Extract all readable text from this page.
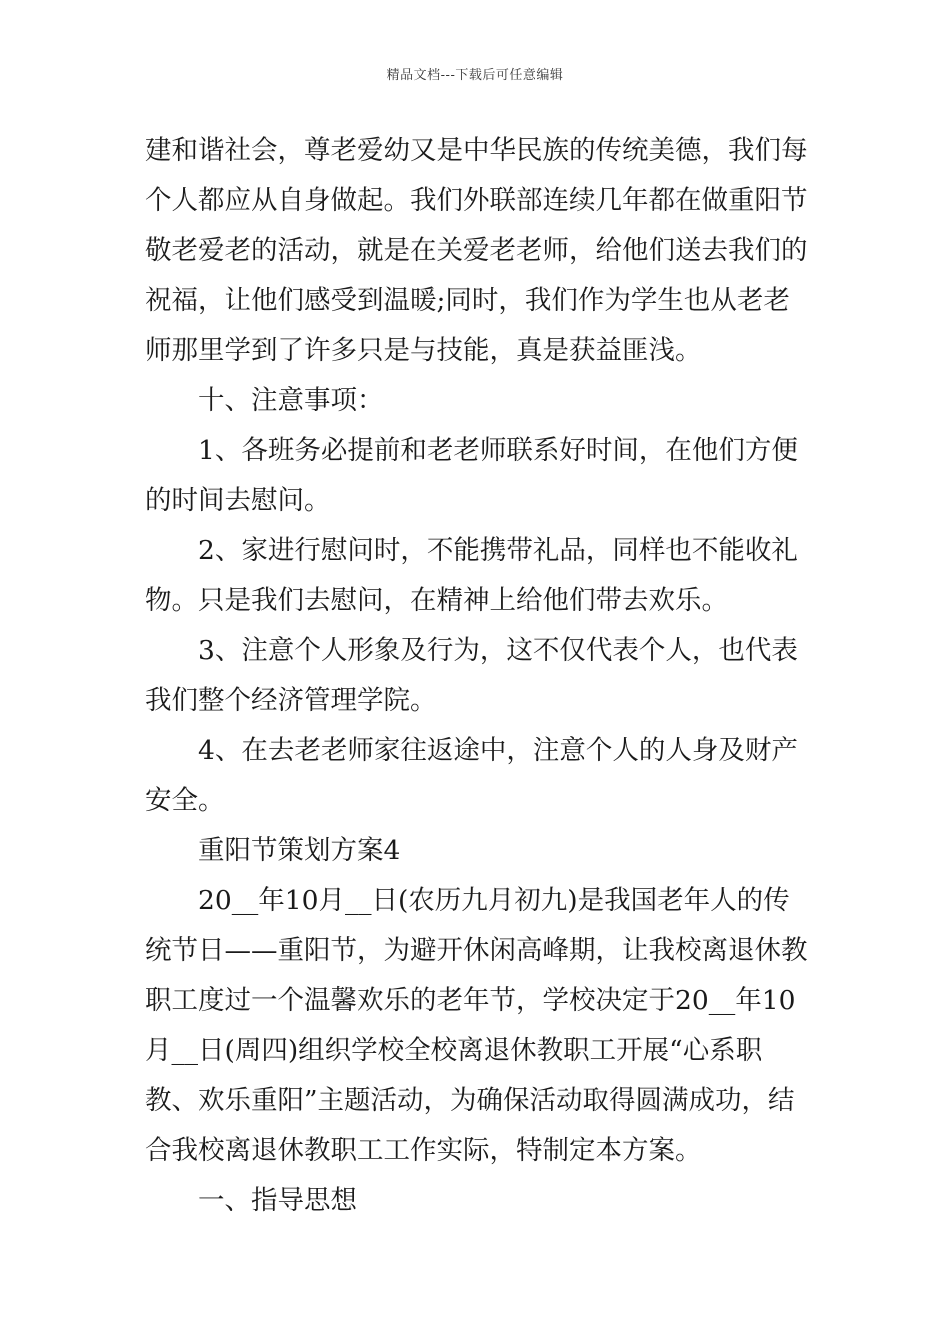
精品文档---下载后可任意编辑

建和谐社会，尊老爱幼又是中华民族的传统美德，我们每个人都应从自身做起。我们外联部连续几年都在做重阳节敬老爱老的活动，就是在关爱老老师，给他们送去我们的祝福，让他们感受到温暖;同时，我们作为学生也从老老师那里学到了许多只是与技能，真是获益匪浅。

十、注意事项：

1、各班务必提前和老老师联系好时间，在他们方便的时间去慰问。

2、家进行慰问时，不能携带礼品，同样也不能收礼物。只是我们去慰问，在精神上给他们带去欢乐。

3、注意个人形象及行为，这不仅代表个人，也代表我们整个经济管理学院。

4、在去老老师家往返途中，注意个人的人身及财产安全。

重阳节策划方案4

20__年10月__日(农历九月初九)是我国老年人的传统节日——重阳节，为避开休闲高峰期，让我校离退休教职工度过一个温馨欢乐的老年节，学校决定于20__年10月__日(周四)组织学校全校离退休教职工开展“心系职教、欢乐重阳”主题活动，为确保活动取得圆满成功，结合我校离退休教职工工作实际，特制定本方案。

一、指导思想
